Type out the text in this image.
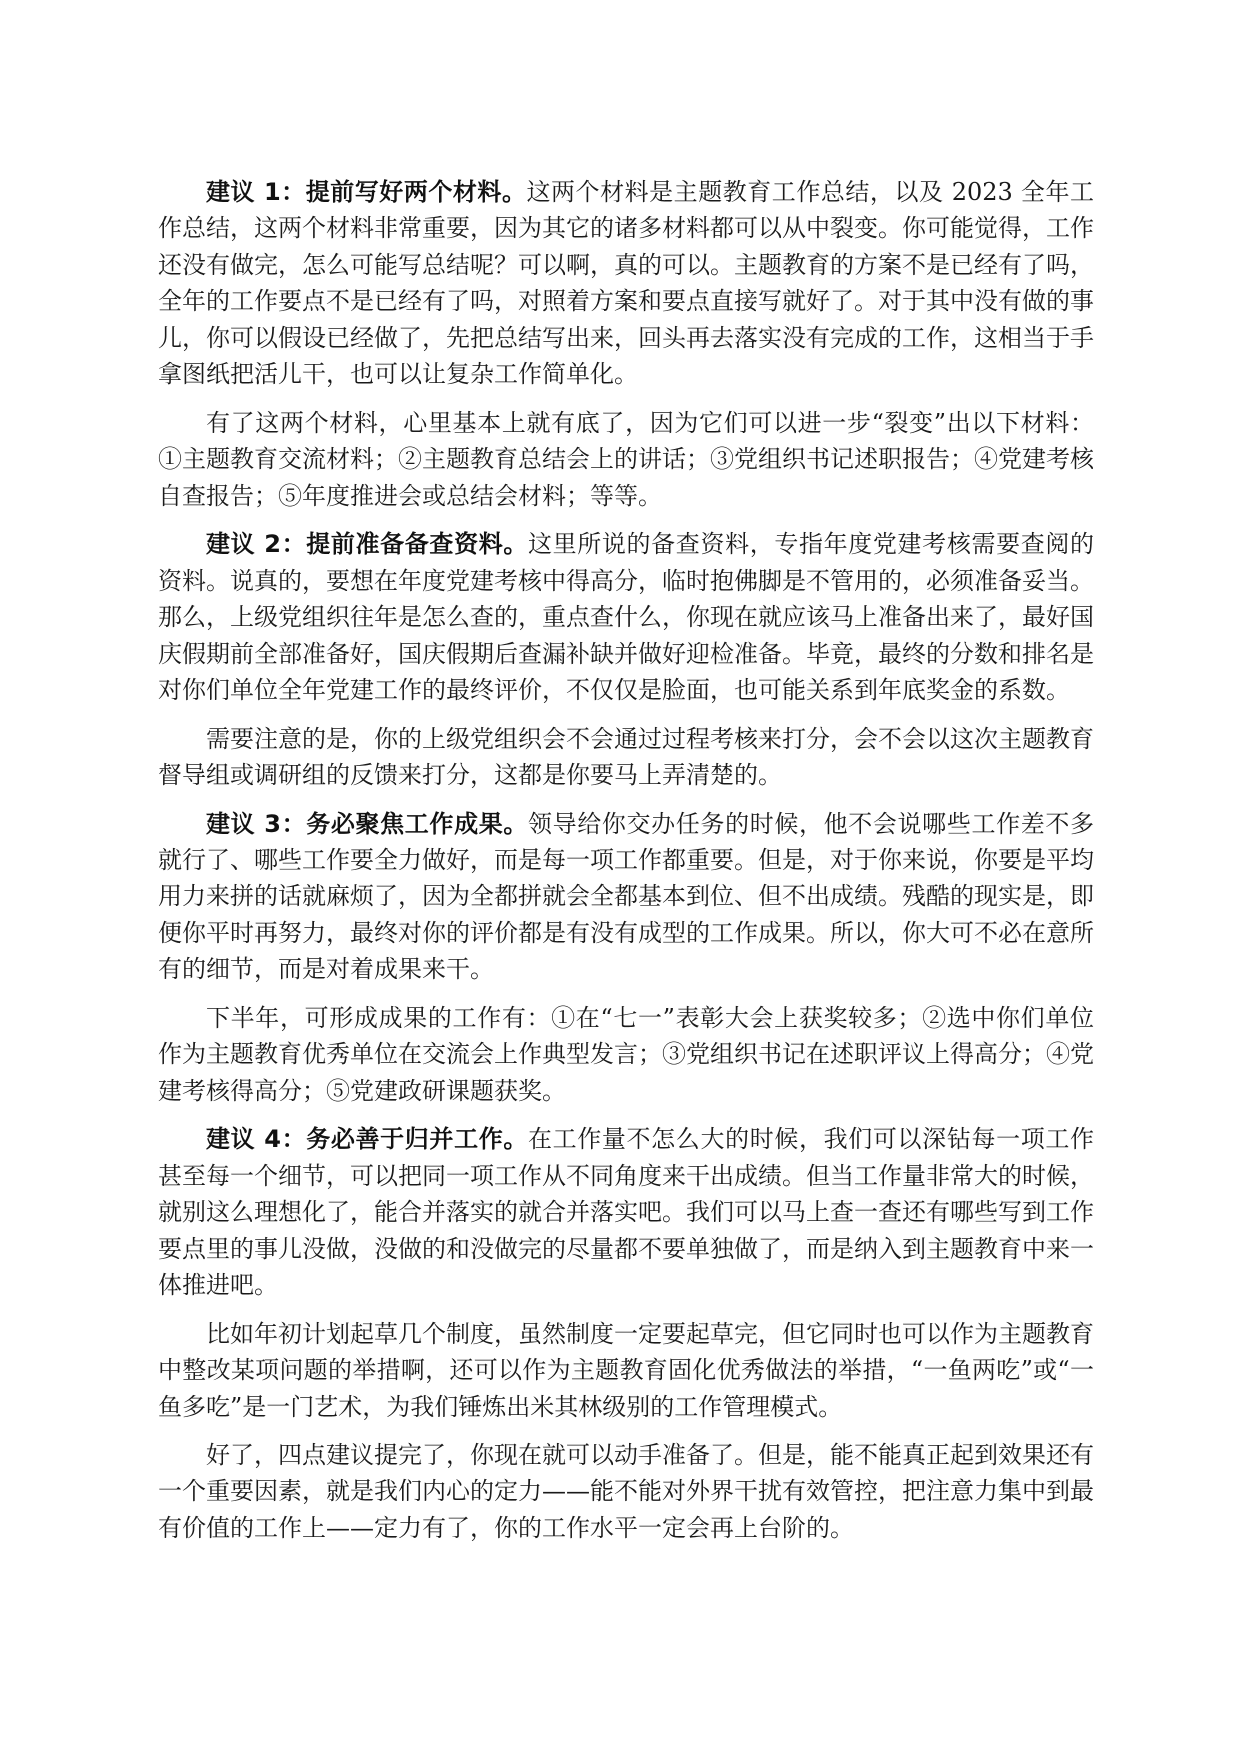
建议 1：提前写好两个材料。这两个材料是主题教育工作总结，以及 2023 全年工作总结，这两个材料非常重要，因为其它的诸多材料都可以从中裂变。你可能觉得，工作还没有做完，怎么可能写总结呢？可以啊，真的可以。主题教育的方案不是已经有了吗，全年的工作要点不是已经有了吗，对照着方案和要点直接写就好了。对于其中没有做的事儿，你可以假设已经做了，先把总结写出来，回头再去落实没有完成的工作，这相当于手拿图纸把活儿干，也可以让复杂工作简单化。

有了这两个材料，心里基本上就有底了，因为它们可以进一步“裂变”出以下材料：①主题教育交流材料；②主题教育总结会上的讲话；③党组织书记述职报告；④党建考核自查报告；⑤年度推进会或总结会材料；等等。

建议 2：提前准备备查资料。这里所说的备查资料，专指年度党建考核需要查阅的资料。说真的，要想在年度党建考核中得高分，临时抱佛脚是不管用的，必须准备妥当。那么，上级党组织往年是怎么查的，重点查什么，你现在就应该马上准备出来了，最好国庆假期前全部准备好，国庆假期后查漏补缺并做好迎检准备。毕竟，最终的分数和排名是对你们单位全年党建工作的最终评价，不仅仅是脸面，也可能关系到年底奖金的系数。

需要注意的是，你的上级党组织会不会通过过程考核来打分，会不会以这次主题教育督导组或调研组的反馈来打分，这都是你要马上弄清楚的。

建议 3：务必聚焦工作成果。领导给你交办任务的时候，他不会说哪些工作差不多就行了、哪些工作要全力做好，而是每一项工作都重要。但是，对于你来说，你要是平均用力来拼的话就麻烦了，因为全都拼就会全都基本到位、但不出成绩。残酷的现实是，即便你平时再努力，最终对你的评价都是有没有成型的工作成果。所以，你大可不必在意所有的细节，而是对着成果来干。

下半年，可形成成果的工作有：①在“七一”表彰大会上获奖较多；②选中你们单位作为主题教育优秀单位在交流会上作典型发言；③党组织书记在述职评议上得高分；④党建考核得高分；⑤党建政研课题获奖。

建议 4：务必善于归并工作。在工作量不怎么大的时候，我们可以深钻每一项工作甚至每一个细节，可以把同一项工作从不同角度来干出成绩。但当工作量非常大的时候，就别这么理想化了，能合并落实的就合并落实吧。我们可以马上查一查还有哪些写到工作要点里的事儿没做，没做的和没做完的尽量都不要单独做了，而是纳入到主题教育中来一体推进吧。

比如年初计划起草几个制度，虽然制度一定要起草完，但它同时也可以作为主题教育中整改某项问题的举措啊，还可以作为主题教育固化优秀做法的举措，“一鱼两吃”或“一鱼多吃”是一门艺术，为我们锤炼出米其林级别的工作管理模式。

好了，四点建议提完了，你现在就可以动手准备了。但是，能不能真正起到效果还有一个重要因素，就是我们内心的定力——能不能对外界干扰有效管控，把注意力集中到最有价值的工作上——定力有了，你的工作水平一定会再上台阶的。
